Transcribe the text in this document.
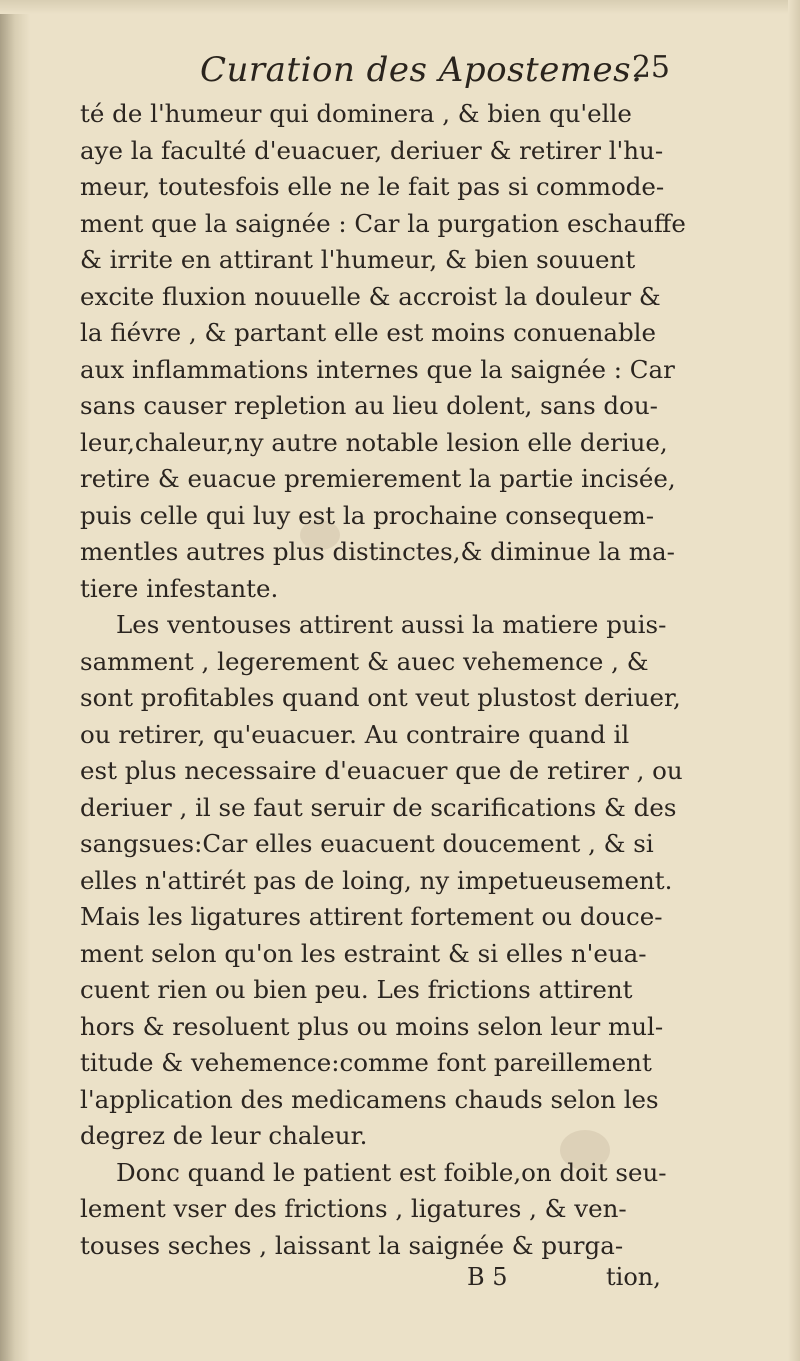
Curation des Apostemes.
25
té de l'humeur qui dominera , & bien qu'elle
aye la faculté d'euacuer, deriuer & retirer l'hu-
meur, toutesfois elle ne le fait pas si commode-
ment que la saignée : Car la purgation eschauffe
& irrite en attirant l'humeur, & bien souuent
excite fluxion nouuelle & accroist la douleur &
la fiévre , & partant elle est moins conuenable
aux inflammations internes que la saignée : Car
sans causer repletion au lieu dolent, sans dou-
leur,chaleur,ny autre notable lesion elle deriue,
retire & euacue premierement la partie incisée,
puis celle qui luy est la prochaine consequem-
mentles autres plus distinctes,& diminue la ma-
tiere infestante.
Les ventouses attirent aussi la matiere puis-
samment , legerement & auec vehemence , &
sont profitables quand ont veut plustost deriuer,
ou retirer, qu'euacuer. Au contraire quand il
est plus necessaire d'euacuer que de retirer , ou
deriuer , il se faut seruir de scarifications & des
sangsues:Car elles euacuent doucement , & si
elles n'attirét pas de loing, ny impetueusement.
Mais les ligatures attirent fortement ou douce-
ment selon qu'on les estraint & si elles n'eua-
cuent rien ou bien peu. Les frictions attirent
hors & resoluent plus ou moins selon leur mul-
titude & vehemence:comme font pareillement
l'application des medicamens chauds selon les
degrez de leur chaleur.
Donc quand le patient est foible,on doit seu-
lement vser des frictions , ligatures , & ven-
touses seches , laissant la saignée & purga-
B 5	tion,
